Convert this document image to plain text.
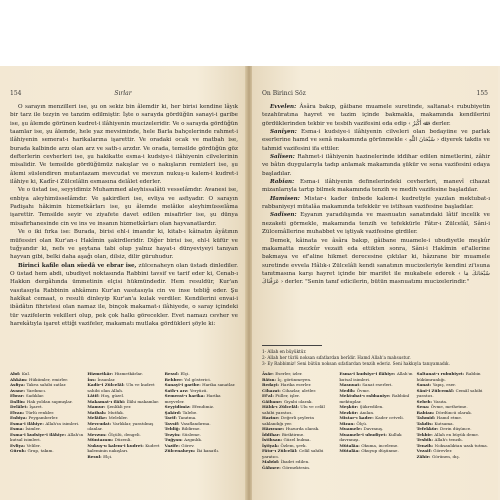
154	Sırlar

O sarayın menzilleri ise, şu on sekiz bin âlemdir ki, her birisi kendine lâyık bir tarz ile tezyin ve tanzim edilmiştir. İşte o sarayda gördüğün sanayi-i garibe ise, şu âlemde görünen kudret-i ilâhiyenin mucizeleridir. Ve o sarayda gördüğün taamlar ise, şu âlemde, hele yaz mevsiminde, hele Barla bahçelerinde rahmet-i ilâhiyenin semerat-ı harikalarına işarettir. Ve oradaki ocak ve matbah ise, burada kalbinde arzı olan arz ve sath-ı arzdır. Ve orada, temsilde gördüğün göz defterlerin cevherleri ise, şu hakikatte esma-i kudsiye-i ilâhiyenin cilvelerinin misalidir. Ve temsilde gördüğümüz nakışlar ve o nakışların remizleri ise, şu âlemi süslendiren mutantazam mevcudat ve mevzun nukuş-u kalem-i kudret-i ilâhiye ki, Kadîr-i Zülcelâlin esmasına delâlet ederler.

Ve o üstad ise, seyyidimiz Muhammed aleyhissalâtü vesselâmdır. Avanesi ise, enbiya aleyhimüsselâmdır. Ve şakirdleri ise, evliya ve asfiyadır. O sarayın Padişahı hâkimin hizmetkârları ise, şu âlemde melâike aleyhimüsselâma işarettir. Temsilde seyir ve ziyafete davet edilen misafirler ise, şu dünya misafirhanesinde cin ve ins ve insanın hizmetkârları olan hayvanatlardır.

Ve o iki fırka ise: Burada, birisi ehl-i imandır ki, kitab-ı kâinatın âyâtının müfessiri olan Kur'an-ı Hakîmin şakirdleridir. Diğer birisi ise, ehl-i küfür ve tuğyandır ki, nefs ve şeytana tabi olup yalnız hayat-ı dünyeviyeyi tanıyan hayvan gibi, belki daha aşağı olan, dilsiz, dilir güruhudur.

Birinci kafile olan süedâ ve ebrar ise, zülcenaheyn olan üstadı dinlediler. O üstad hem abdi, ubudiyet noktasında Rabbini tavsif ve tarif eder ki, Cenab-ı Hakkın dergâhında ümmetinin elçisi hükmündedir. Hem resuldür, Kur'an vasıtasıyla Rabbinin ahkâmını Kur'an vasıtasıyla cin ve inse tebliğ eder. Şu hakîkat cemaat, o resulü dinleyip Kur'an'a kulak verdiler. Kendilerini envai-i ibâdâtın fihristesi olan namaz ile, binçok makamat-ı ilâhiyede, o saray içindeki tür vazifelerin vekilleri olup, pek çok halkı görecekler. Evet namazı cevher ve harekâtıyla işaret ettiği vazifeler, makamatı mutlaka gördükleri şöyle ki:

Abd: Kul.
Ahkâm: Hükümler, emirler.
Asfiya: Takva sahibi zatlar.
Avane: Yardımcı.
Ebrar: Sadıklar.
Dallin: Hak yoldan sapmışlar.
Delâlet: İşaret.
Elvan: Türlü renkler.
Enbiya: Peygamberler.
Esma-i ilâhiye: Allah'ın isimleri.
Esma: İsimler.
Esma-i kudsiye-i ilâhiye: Allah'ın kutsal isimleri.
Evliya: Veliler.
Güruh: Grup, takım.
Hizmetkâr: Hizmetkârlar.
İns: İnsanlar.
Kadir-i Zülcelâl: Ulu ve kudret sahibi olan Allah.
Lâtif: Hoş, güzel.
Makamat-ı ilâhi: İlâhi makamlar.
Mamur: Şenlikli yer.
Matbah: Mutfak.
Melâike: Melekler.
Mevcudat: Varlıklar, yaratılmış olanlar.
Mevzun: Ölçülü, dengeli.
Müntazam: Düzenli.
Nukuş-u kalem-i kudret: Kudret kaleminin nakışları.
Resul: Elçi.
Resul: Elçi.
Rehber: Yol gösterici.
Sanayi-i garibe: Harika sanatlar.
Sath-ı arz: Yeryüzü.
Semerat-ı harika: Harika meyveler.
Seyyidimiz: Efendimiz.
Şakird: Talebe.
Tarif: Tanıtma.
Tavsif: Vasıflandırma.
Tebliğ: Bildirme.
Tezyin: Süsleme.
Tuğyan: Azgınlık.
Vazife: Görev.
Zülcenaheyn: İki kanatlı.
On Birinci Söz	155

Evvelen: Âsâra bakıp, gâibane muamele suretinde, saltanat-ı rububiyetin tezahüratına hayret ve tazim içinde bakmakla, makamında kendilerini gördüklerinden tekbir ve tesbih vazifesini eda edip ‹ ﷲ أَكْبَرُ › derler.

Saniyen: Esma-i kudsiye-i ilâhiyenin cilveleri olan bedayiine ve parlak eserlerine hamd ve senâ makamında görünmekle ‹ سُبْحَانَ اللّٰهِ › diyerek takdis ve tahmid vazifesini ifa ettiler.

Salisen: Rahmet-i ilâhiyenin hazinelerinde iddihar edilen nimetlerini, zâhir ve bâtın duygularıyla tadıp anlamak makamında şükür ve sena vazifesini edaya başladılar.

Rabian: Esma-i ilâhiyenin definelerindeki cevherleri, manevî cihazat mizanlarıyla tartıp bilmek makamında tenzih ve medih vazifesine başladılar.

Hamisen: Mistar-ı kader ünbede kalem-i kudretiyle yazılan mektubat-ı rabbaniyeyi mütalâa makamında tefekkür ve istihsan vazifesine başladılar.

Sadisen: Eşyanın yaradılışında ve masnuatın sanatındaki lâtif incelik ve nezaketi görmekle, makamında tenzih ve tefekkürle Fâtır-ı Zülcelâl, Sâni-i Zülcemâllerine muhabbet ve iştiyak vazifesine girdiler.

Demek, kâinata ve âsâra bakıp, gâibane muamele-i ubudiyetle meşkûr makamatta mezkûr vezaifi eda ettikten sonra, Sâni-i Hakîmin ef'allerine bakmaya ve ef'aline hikmet derecesine çıktılar ki, hâzırane bir muamele suretinde evvela Hâlık-ı Zülcelâli kendi sanatının mucizeleriyle kendini zi'isuna tanıtmasına karşı hayret içinde bir marifet ile mukabele ederek ‹ سُبْحَانَكَ مَا عَرَفْنَاكَ › derler. "Senin tanıf edicilerin, bütün masnuatımı mucizelerindir."

1- Allah en büyüktür.
2- Allah her türlü noksan sıfatlardan berîdir. Hamd Allah'a mahsustur.
3- Ey Rabbimiz! Seni bütün noksan sıfatlardan tenzih ederiz. Seni hakkıyla tanıyamadık.
Âsâr: Eserler, izler.
Bâtın: İç, görünmeyen.
Bedayi: Harika eserler.
Cihazat: Cihazlar, aletler.
Ef'al: Fiiller, işler.
Gâibane: Gıyabi olarak.
Hâlık-ı Zülcelâl: Ulu ve celâl sahibi yaratıcı.
Hazine: Değerli şeylerin saklandığı yer.
Hâzırane: Huzurda olarak.
İddihar: Biriktirme.
İstihsan: Güzel bulma.
İştiyak: Özlem, şevk.
Fâtır-ı Zülcelâl: Celâl sahibi yaratıcı.
Mabûd: İbadet edilen.
Ğâhnee: Görmektesin.
Esma-i kudsiye-i ilâhiye: Allah'ın kutsal isimleri.
Masnuat: Sanat eserleri.
Medih: Övme.
Mektubat-ı rabbaniye: Rabbânî mektuplar.
Meşkûr: Şükredilen.
Mezkûr: Anılan.
Mistar-ı kader: Kader cetveli.
Mizan: Ölçü.
Muamele: Davranış.
Muamele-i ubudiyet: Kulluk davranışı.
Mütalâa: Okuma, inceleme.
Mütalâa: Okuyup düşünme.
Saltanat-ı rububiyet: Rabbin hükümranlığı.
Sanat: Yapış, eser.
Sâni-i Zülcemâl: Cemâl sahibi yaratıcı.
Sebeb: Vasıta.
Sena: Övme, methetme.
Rabian: Dördüncü olarak.
Tahmid: Hamd etme.
Takdis: Kutsama.
Tefekkür: Derin düşünce.
Tekbir: Allah en büyük deme.
Tesbih: Allah'ı tenzih.
Tenzih: Noksanlıktan uzak tutma.
Vezaif: Görevler.
Zâhir: Görünen, dış.
